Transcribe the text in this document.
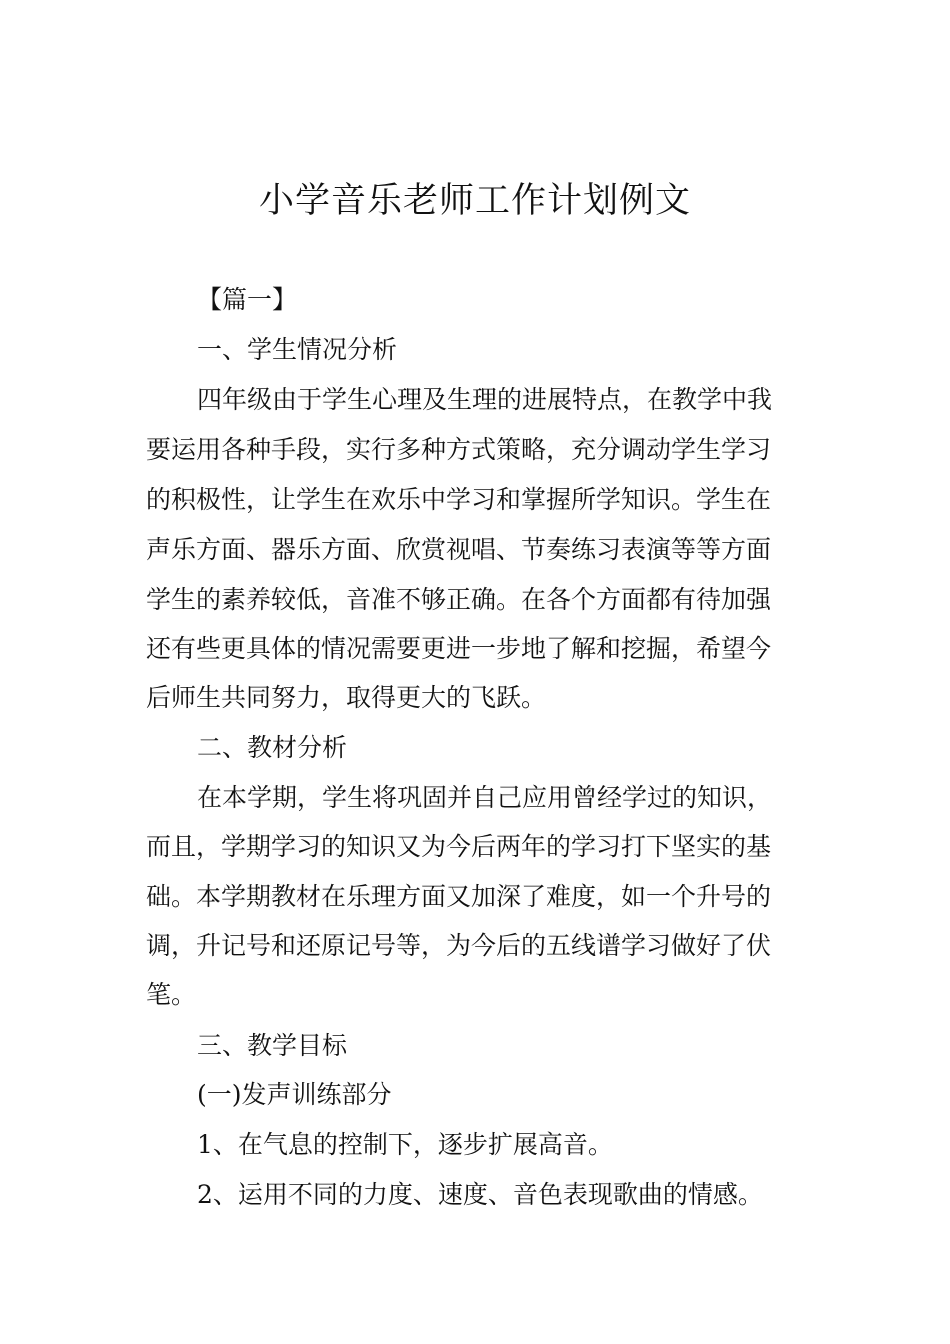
小学音乐老师工作计划例文
【篇一】
一、学生情况分析
四年级由于学生心理及生理的进展特点，在教学中我
要运用各种手段，实行多种方式策略，充分调动学生学习
的积极性，让学生在欢乐中学习和掌握所学知识。学生在
声乐方面、器乐方面、欣赏视唱、节奏练习表演等等方面
学生的素养较低，音准不够正确。在各个方面都有待加强
还有些更具体的情况需要更进一步地了解和挖掘，希望今
后师生共同努力，取得更大的飞跃。
二、教材分析
在本学期，学生将巩固并自己应用曾经学过的知识，
而且，学期学习的知识又为今后两年的学习打下坚实的基
础。本学期教材在乐理方面又加深了难度，如一个升号的
调，升记号和还原记号等，为今后的五线谱学习做好了伏
笔。
三、教学目标
(一)发声训练部分
1、在气息的控制下，逐步扩展高音。
2、运用不同的力度、速度、音色表现歌曲的情感。
